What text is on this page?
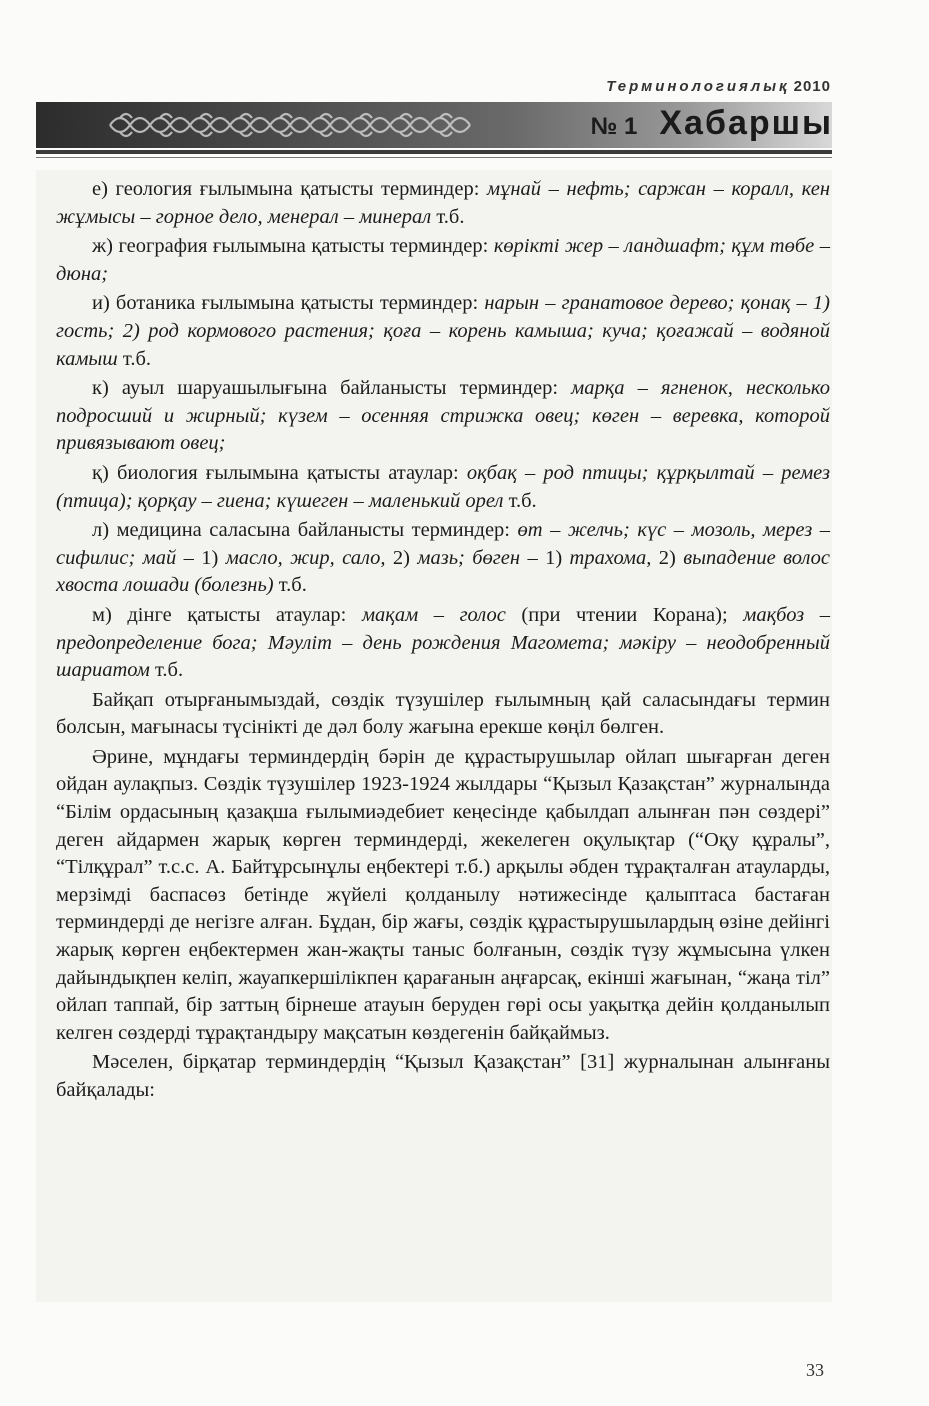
Терминологиялық 2010
№ 1 Хабаршы

е) геология ғылымына қатысты терминдер: мұнай – нефть; саржан – коралл, кен жұмысы – горное дело, менерал – минерал т.б.

ж) география ғылымына қатысты терминдер: көрікті жер – ландшафт; құм төбе – дюна;

и) ботаника ғылымына қатысты терминдер: нарын – гранатовое дерево; қонақ – 1) гость; 2) род кормового растения; қоға – корень камыша; куча; қоғажай – водяной камыш т.б.

к) ауыл шаруашылығына байланысты терминдер: марқа – ягненок, несколько подросший и жирный; күзем – осенняя стрижка овец; көген – веревка, которой привязывают овец;

қ) биология ғылымына қатысты атаулар: оқбақ – род птицы; құрқылтай – ремез (птица); қорқау – гиена; күшеген – маленький орел т.б.

л) медицина саласына байланысты терминдер: өт – желчь; күс – мозоль, мерез – сифилис; май – 1) масло, жир, сало, 2) мазь; бөген – 1) трахома, 2) выпадение волос хвоста лошади (болезнь) т.б.

м) дінге қатысты атаулар: мақам – голос (при чтении Корана); мақбоз – предопределение бога; Мәуліт – день рождения Магомета; мәкіру – неодобренный шариатом т.б.

Байқап отырғанымыздай, сөздік түзушілер ғылымның қай саласындағы термин болсын, мағынасы түсінікті де дәл болу жағына ерекше көңіл бөлген.

Әрине, мұндағы терминдердің бәрін де құрастырушылар ойлап шығарған деген ойдан аулақпыз. Сөздік түзушілер 1923-1924 жылдары “Қызыл Қазақстан” журналында “Білім ордасының қазақша ғылымиәдебиет кеңесінде қабылдап алынған пән сөздері” деген айдармен жарық көрген терминдерді, жекелеген оқулықтар (“Оқу құралы”, “Тілқұрал” т.с.с. А. Байтұрсынұлы еңбектері т.б.) арқылы әбден тұрақталған атауларды, мерзімді баспасөз бетінде жүйелі қолданылу нәтижесінде қалыптаса бастаған терминдерді де негізге алған. Бұдан, бір жағы, сөздік құрастырушылардың өзіне дейінгі жарық көрген еңбектермен жан-жақты таныс болғанын, сөздік түзу жұмысына үлкен дайындықпен келіп, жауапкершілікпен қарағанын аңғарсақ, екінші жағынан, “жаңа тіл” ойлап таппай, бір заттың бірнеше атауын беруден гөрі осы уақытқа дейін қолданылып келген сөздерді тұрақтандыру мақсатын көздегенін байқаймыз.

Мәселен, бірқатар терминдердің “Қызыл Қазақстан” [31] журналынан алынғаны байқалады:

33
